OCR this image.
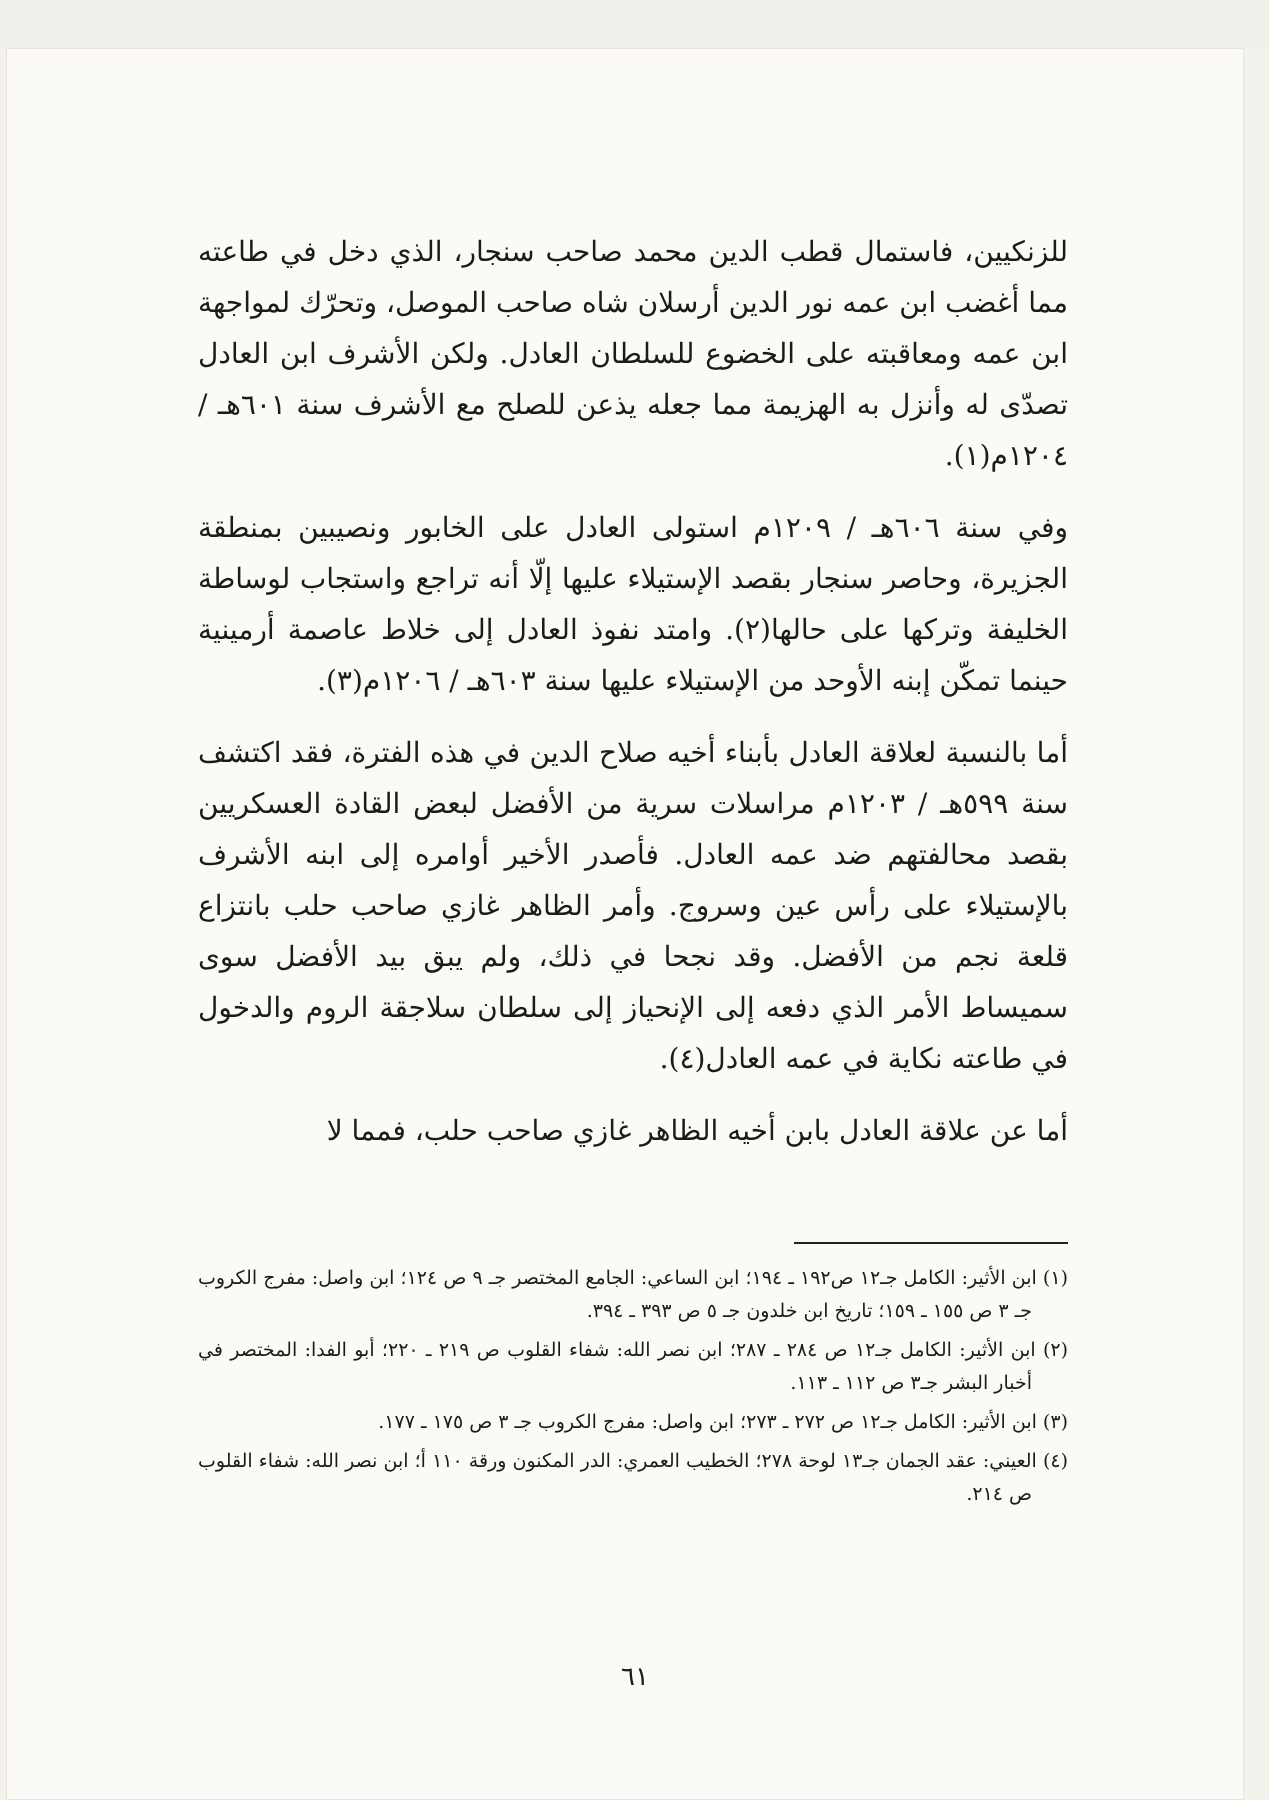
للزنكيين، فاستمال قطب الدين محمد صاحب سنجار، الذي دخل في طاعته مما أغضب ابن عمه نور الدين أرسلان شاه صاحب الموصل، وتحرّك لمواجهة ابن عمه ومعاقبته على الخضوع للسلطان العادل. ولكن الأشرف ابن العادل تصدّى له وأنزل به الهزيمة مما جعله يذعن للصلح مع الأشرف سنة ٦٠١هـ / ١٢٠٤م(١).

وفي سنة ٦٠٦هـ / ١٢٠٩م استولى العادل على الخابور ونصيبين بمنطقة الجزيرة، وحاصر سنجار بقصد الإستيلاء عليها إلّا أنه تراجع واستجاب لوساطة الخليفة وتركها على حالها(٢). وامتد نفوذ العادل إلى خلاط عاصمة أرمينية حينما تمكّن إبنه الأوحد من الإستيلاء عليها سنة ٦٠٣هـ / ١٢٠٦م(٣).

أما بالنسبة لعلاقة العادل بأبناء أخيه صلاح الدين في هذه الفترة، فقد اكتشف سنة ٥٩٩هـ / ١٢٠٣م مراسلات سرية من الأفضل لبعض القادة العسكريين بقصد محالفتهم ضد عمه العادل. فأصدر الأخير أوامره إلى ابنه الأشرف بالإستيلاء على رأس عين وسروج. وأمر الظاهر غازي صاحب حلب بانتزاع قلعة نجم من الأفضل. وقد نجحا في ذلك، ولم يبق بيد الأفضل سوى سميساط الأمر الذي دفعه إلى الإنحياز إلى سلطان سلاجقة الروم والدخول في طاعته نكاية في عمه العادل(٤).

أما عن علاقة العادل بابن أخيه الظاهر غازي صاحب حلب، فمما لا

(١) ابن الأثير: الكامل جـ١٢ ص١٩٢ ـ ١٩٤؛ ابن الساعي: الجامع المختصر جـ ٩ ص ١٢٤؛ ابن واصل: مفرج الكروب جـ ٣ ص ١٥٥ ـ ١٥٩؛ تاريخ ابن خلدون جـ ٥ ص ٣٩٣ ـ ٣٩٤.
(٢) ابن الأثير: الكامل جـ١٢ ص ٢٨٤ ـ ٢٨٧؛ ابن نصر الله: شفاء القلوب ص ٢١٩ ـ ٢٢٠؛ أبو الفدا: المختصر في أخبار البشر جـ٣ ص ١١٢ ـ ١١٣.
(٣) ابن الأثير: الكامل جـ١٢ ص ٢٧٢ ـ ٢٧٣؛ ابن واصل: مفرج الكروب جـ ٣ ص ١٧٥ ـ ١٧٧.
(٤) العيني: عقد الجمان جـ١٣ لوحة ٢٧٨؛ الخطيب العمري: الدر المكنون ورقة ١١٠ أ؛ ابن نصر الله: شفاء القلوب ص ٢١٤.
٦١
